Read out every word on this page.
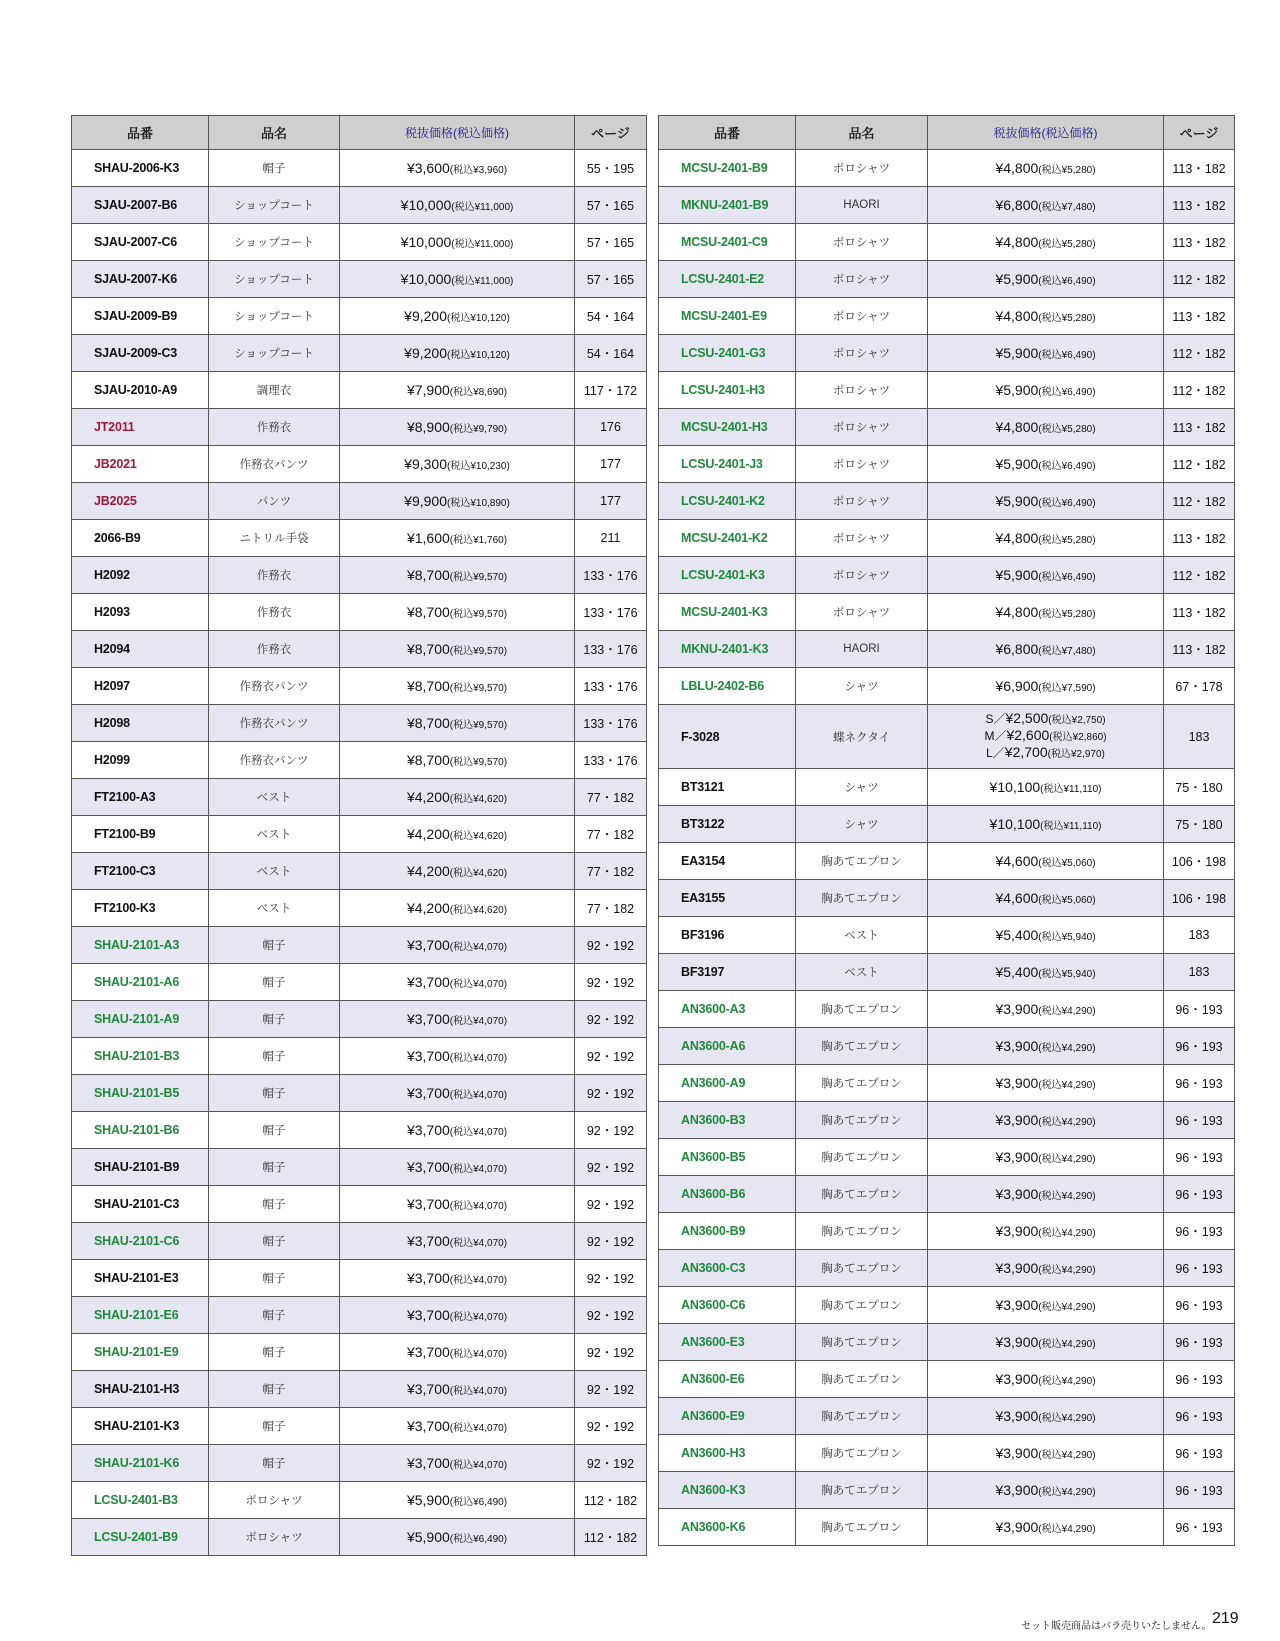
品番	品名	税抜価格(税込価格)	ページ
SHAU-2006-K3	帽子	¥3,600(税込¥3,960)	55・195
SJAU-2007-B6	ショップコート	¥10,000(税込¥11,000)	57・165
SJAU-2007-C6	ショップコート	¥10,000(税込¥11,000)	57・165
SJAU-2007-K6	ショップコート	¥10,000(税込¥11,000)	57・165
SJAU-2009-B9	ショップコート	¥9,200(税込¥10,120)	54・164
SJAU-2009-C3	ショップコート	¥9,200(税込¥10,120)	54・164
SJAU-2010-A9	調理衣	¥7,900(税込¥8,690)	117・172
JT2011	作務衣	¥8,900(税込¥9,790)	176
JB2021	作務衣パンツ	¥9,300(税込¥10,230)	177
JB2025	パンツ	¥9,900(税込¥10,890)	177
2066-B9	ニトリル手袋	¥1,600(税込¥1,760)	211
H2092	作務衣	¥8,700(税込¥9,570)	133・176
H2093	作務衣	¥8,700(税込¥9,570)	133・176
H2094	作務衣	¥8,700(税込¥9,570)	133・176
H2097	作務衣パンツ	¥8,700(税込¥9,570)	133・176
H2098	作務衣パンツ	¥8,700(税込¥9,570)	133・176
H2099	作務衣パンツ	¥8,700(税込¥9,570)	133・176
FT2100-A3	ベスト	¥4,200(税込¥4,620)	77・182
FT2100-B9	ベスト	¥4,200(税込¥4,620)	77・182
FT2100-C3	ベスト	¥4,200(税込¥4,620)	77・182
FT2100-K3	ベスト	¥4,200(税込¥4,620)	77・182
SHAU-2101-A3	帽子	¥3,700(税込¥4,070)	92・192
SHAU-2101-A6	帽子	¥3,700(税込¥4,070)	92・192
SHAU-2101-A9	帽子	¥3,700(税込¥4,070)	92・192
SHAU-2101-B3	帽子	¥3,700(税込¥4,070)	92・192
SHAU-2101-B5	帽子	¥3,700(税込¥4,070)	92・192
SHAU-2101-B6	帽子	¥3,700(税込¥4,070)	92・192
SHAU-2101-B9	帽子	¥3,700(税込¥4,070)	92・192
SHAU-2101-C3	帽子	¥3,700(税込¥4,070)	92・192
SHAU-2101-C6	帽子	¥3,700(税込¥4,070)	92・192
SHAU-2101-E3	帽子	¥3,700(税込¥4,070)	92・192
SHAU-2101-E6	帽子	¥3,700(税込¥4,070)	92・192
SHAU-2101-E9	帽子	¥3,700(税込¥4,070)	92・192
SHAU-2101-H3	帽子	¥3,700(税込¥4,070)	92・192
SHAU-2101-K3	帽子	¥3,700(税込¥4,070)	92・192
SHAU-2101-K6	帽子	¥3,700(税込¥4,070)	92・192
LCSU-2401-B3	ポロシャツ	¥5,900(税込¥6,490)	112・182
LCSU-2401-B9	ポロシャツ	¥5,900(税込¥6,490)	112・182
品番	品名	税抜価格(税込価格)	ページ
MCSU-2401-B9	ポロシャツ	¥4,800(税込¥5,280)	113・182
MKNU-2401-B9	HAORI	¥6,800(税込¥7,480)	113・182
MCSU-2401-C9	ポロシャツ	¥4,800(税込¥5,280)	113・182
LCSU-2401-E2	ポロシャツ	¥5,900(税込¥6,490)	112・182
MCSU-2401-E9	ポロシャツ	¥4,800(税込¥5,280)	113・182
LCSU-2401-G3	ポロシャツ	¥5,900(税込¥6,490)	112・182
LCSU-2401-H3	ポロシャツ	¥5,900(税込¥6,490)	112・182
MCSU-2401-H3	ポロシャツ	¥4,800(税込¥5,280)	113・182
LCSU-2401-J3	ポロシャツ	¥5,900(税込¥6,490)	112・182
LCSU-2401-K2	ポロシャツ	¥5,900(税込¥6,490)	112・182
MCSU-2401-K2	ポロシャツ	¥4,800(税込¥5,280)	113・182
LCSU-2401-K3	ポロシャツ	¥5,900(税込¥6,490)	112・182
MCSU-2401-K3	ポロシャツ	¥4,800(税込¥5,280)	113・182
MKNU-2401-K3	HAORI	¥6,800(税込¥7,480)	113・182
LBLU-2402-B6	シャツ	¥6,900(税込¥7,590)	67・178
F-3028	蝶ネクタイ	S／¥2,500(税込¥2,750)
M／¥2,600(税込¥2,860)
L／¥2,700(税込¥2,970)	183
BT3121	シャツ	¥10,100(税込¥11,110)	75・180
BT3122	シャツ	¥10,100(税込¥11,110)	75・180
EA3154	胸あてエプロン	¥4,600(税込¥5,060)	106・198
EA3155	胸あてエプロン	¥4,600(税込¥5,060)	106・198
BF3196	ベスト	¥5,400(税込¥5,940)	183
BF3197	ベスト	¥5,400(税込¥5,940)	183
AN3600-A3	胸あてエプロン	¥3,900(税込¥4,290)	96・193
AN3600-A6	胸あてエプロン	¥3,900(税込¥4,290)	96・193
AN3600-A9	胸あてエプロン	¥3,900(税込¥4,290)	96・193
AN3600-B3	胸あてエプロン	¥3,900(税込¥4,290)	96・193
AN3600-B5	胸あてエプロン	¥3,900(税込¥4,290)	96・193
AN3600-B6	胸あてエプロン	¥3,900(税込¥4,290)	96・193
AN3600-B9	胸あてエプロン	¥3,900(税込¥4,290)	96・193
AN3600-C3	胸あてエプロン	¥3,900(税込¥4,290)	96・193
AN3600-C6	胸あてエプロン	¥3,900(税込¥4,290)	96・193
AN3600-E3	胸あてエプロン	¥3,900(税込¥4,290)	96・193
AN3600-E6	胸あてエプロン	¥3,900(税込¥4,290)	96・193
AN3600-E9	胸あてエプロン	¥3,900(税込¥4,290)	96・193
AN3600-H3	胸あてエプロン	¥3,900(税込¥4,290)	96・193
AN3600-K3	胸あてエプロン	¥3,900(税込¥4,290)	96・193
AN3600-K6	胸あてエプロン	¥3,900(税込¥4,290)	96・193
セット販売商品はバラ売りいたしません。 219
